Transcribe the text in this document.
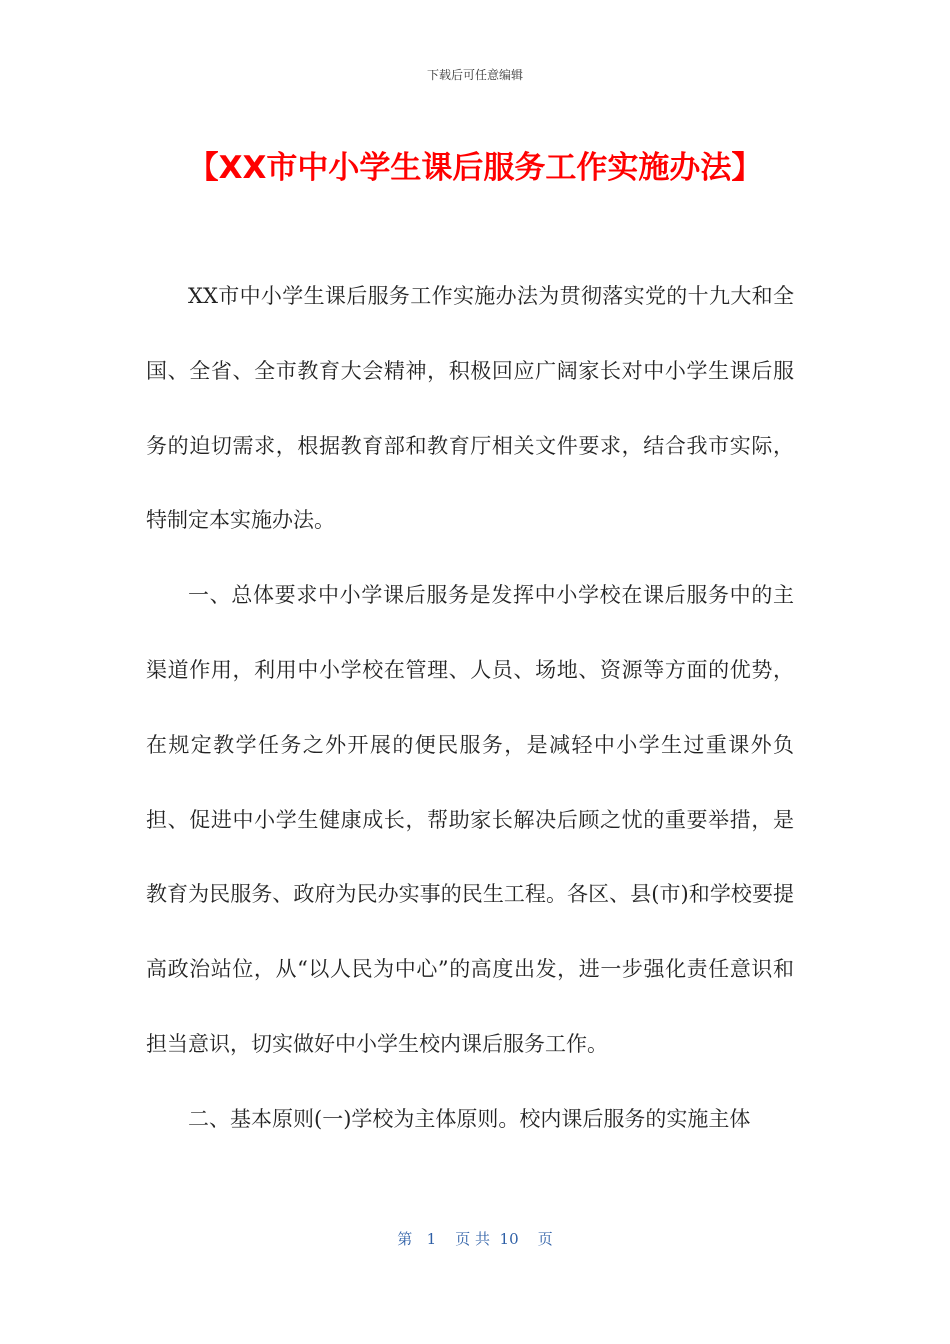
下载后可任意编辑
【XX市中小学生课后服务工作实施办法】

XX市中小学生课后服务工作实施办法为贯彻落实党的十九大和全国、全省、全市教育大会精神，积极回应广阔家长对中小学生课后服务的迫切需求，根据教育部和教育厅相关文件要求，结合我市实际，特制定本实施办法。

一、总体要求中小学课后服务是发挥中小学校在课后服务中的主渠道作用，利用中小学校在管理、人员、场地、资源等方面的优势，在规定教学任务之外开展的便民服务，是减轻中小学生过重课外负担、促进中小学生健康成长，帮助家长解决后顾之忧的重要举措，是教育为民服务、政府为民办实事的民生工程。各区、县(市)和学校要提高政治站位，从“以人民为中心”的高度出发，进一步强化责任意识和担当意识，切实做好中小学生校内课后服务工作。

二、基本原则(一)学校为主体原则。校内课后服务的实施主体

第 1 页 共 10 页
